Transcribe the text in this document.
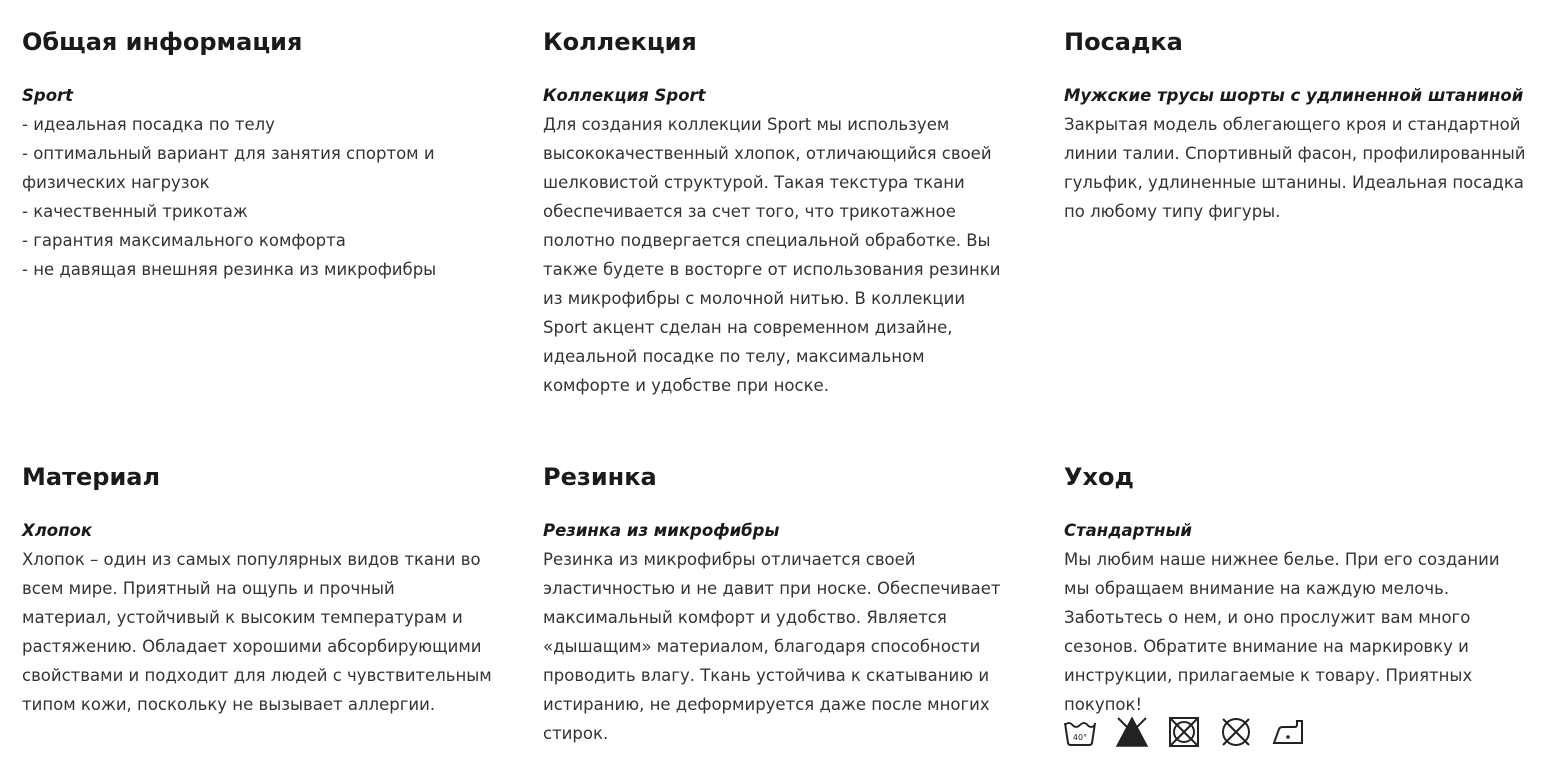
Общая информация
Sport

- идеальная посадка по телу

- оптимальный вариант для занятия спортом и

физических нагрузок

- качественный трикотаж

- гарантия максимального комфорта

- не давящая внешняя резинка из микрофибры

Коллекция
Коллекция Sport

Для создания коллекции Sport мы используем

высококачественный хлопок, отличающийся своей

шелковистой структурой. Такая текстура ткани

обеспечивается за счет того, что трикотажное

полотно подвергается специальной обработке. Вы

также будете в восторге от использования резинки

из микрофибры с молочной нитью. В коллекции

Sport акцент сделан на современном дизайне,

идеальной посадке по телу, максимальном

комфорте и удобстве при носке.

Посадка
Мужские трусы шорты с удлиненной штаниной

Закрытая модель облегающего кроя и стандартной

линии талии. Спортивный фасон, профилированный

гульфик, удлиненные штанины. Идеальная посадка

по любому типу фигуры.

Материал
Хлопок

Хлопок – один из самых популярных видов ткани во

всем мире. Приятный на ощупь и прочный

материал, устойчивый к высоким температурам и

растяжению. Обладает хорошими абсорбирующими

свойствами и подходит для людей с чувствительным

типом кожи, поскольку не вызывает аллергии.

Резинка
Резинка из микрофибры

Резинка из микрофибры отличается своей

эластичностью и не давит при носке. Обеспечивает

максимальный комфорт и удобство. Является

«дышащим» материалом, благодаря способности

проводить влагу. Ткань устойчива к скатыванию и

истиранию, не деформируется даже после многих

стирок.

Уход
Стандартный

Мы любим наше нижнее белье. При его создании

мы обращаем внимание на каждую мелочь.

Заботьтесь о нем, и оно прослужит вам много

сезонов. Обратите внимание на маркировку и

инструкции, прилагаемые к товару. Приятных

покупок!

40°
